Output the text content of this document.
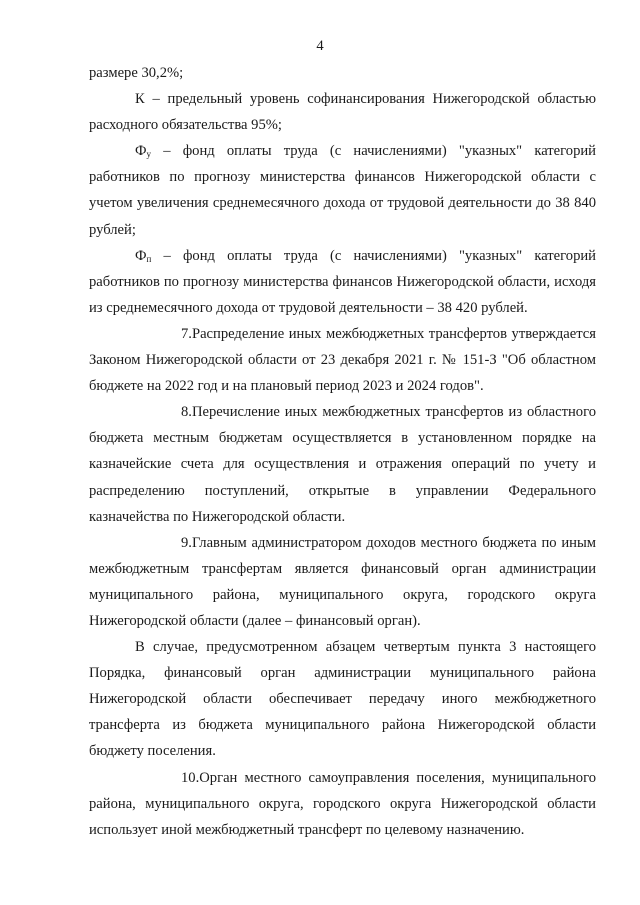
4

размере 30,2%;

К – предельный уровень софинансирования Нижегородской областью расходного обязательства 95%;

$Ф_у$ – фонд оплаты труда (с начислениями) "указных" категорий работников по прогнозу министерства финансов Нижегородской области с учетом увеличения среднемесячного дохода от трудовой деятельности до 38 840 рублей;

$Ф_п$ – фонд оплаты труда (с начислениями) "указных" категорий работников по прогнозу министерства финансов Нижегородской области, исходя из среднемесячного дохода от трудовой деятельности – 38 420 рублей.

7.Распределение иных межбюджетных трансфертов утверждается Законом Нижегородской области от 23 декабря 2021 г. № 151-З "Об областном бюджете на 2022 год и на плановый период 2023 и 2024 годов".

8.Перечисление иных межбюджетных трансфертов из областного бюджета местным бюджетам осуществляется в установленном порядке на казначейские счета для осуществления и отражения операций по учету и распределению поступлений, открытые в управлении Федерального казначейства по Нижегородской области.

9.Главным администратором доходов местного бюджета по иным межбюджетным трансфертам является финансовый орган администрации муниципального района, муниципального округа, городского округа Нижегородской области (далее – финансовый орган).

В случае, предусмотренном абзацем четвертым пункта 3 настоящего Порядка, финансовый орган администрации муниципального района Нижегородской области обеспечивает передачу иного межбюджетного трансферта из бюджета муниципального района Нижегородской области бюджету поселения.

10.Орган местного самоуправления поселения, муниципального района, муниципального округа, городского округа Нижегородской области использует иной межбюджетный трансферт по целевому назначению.
